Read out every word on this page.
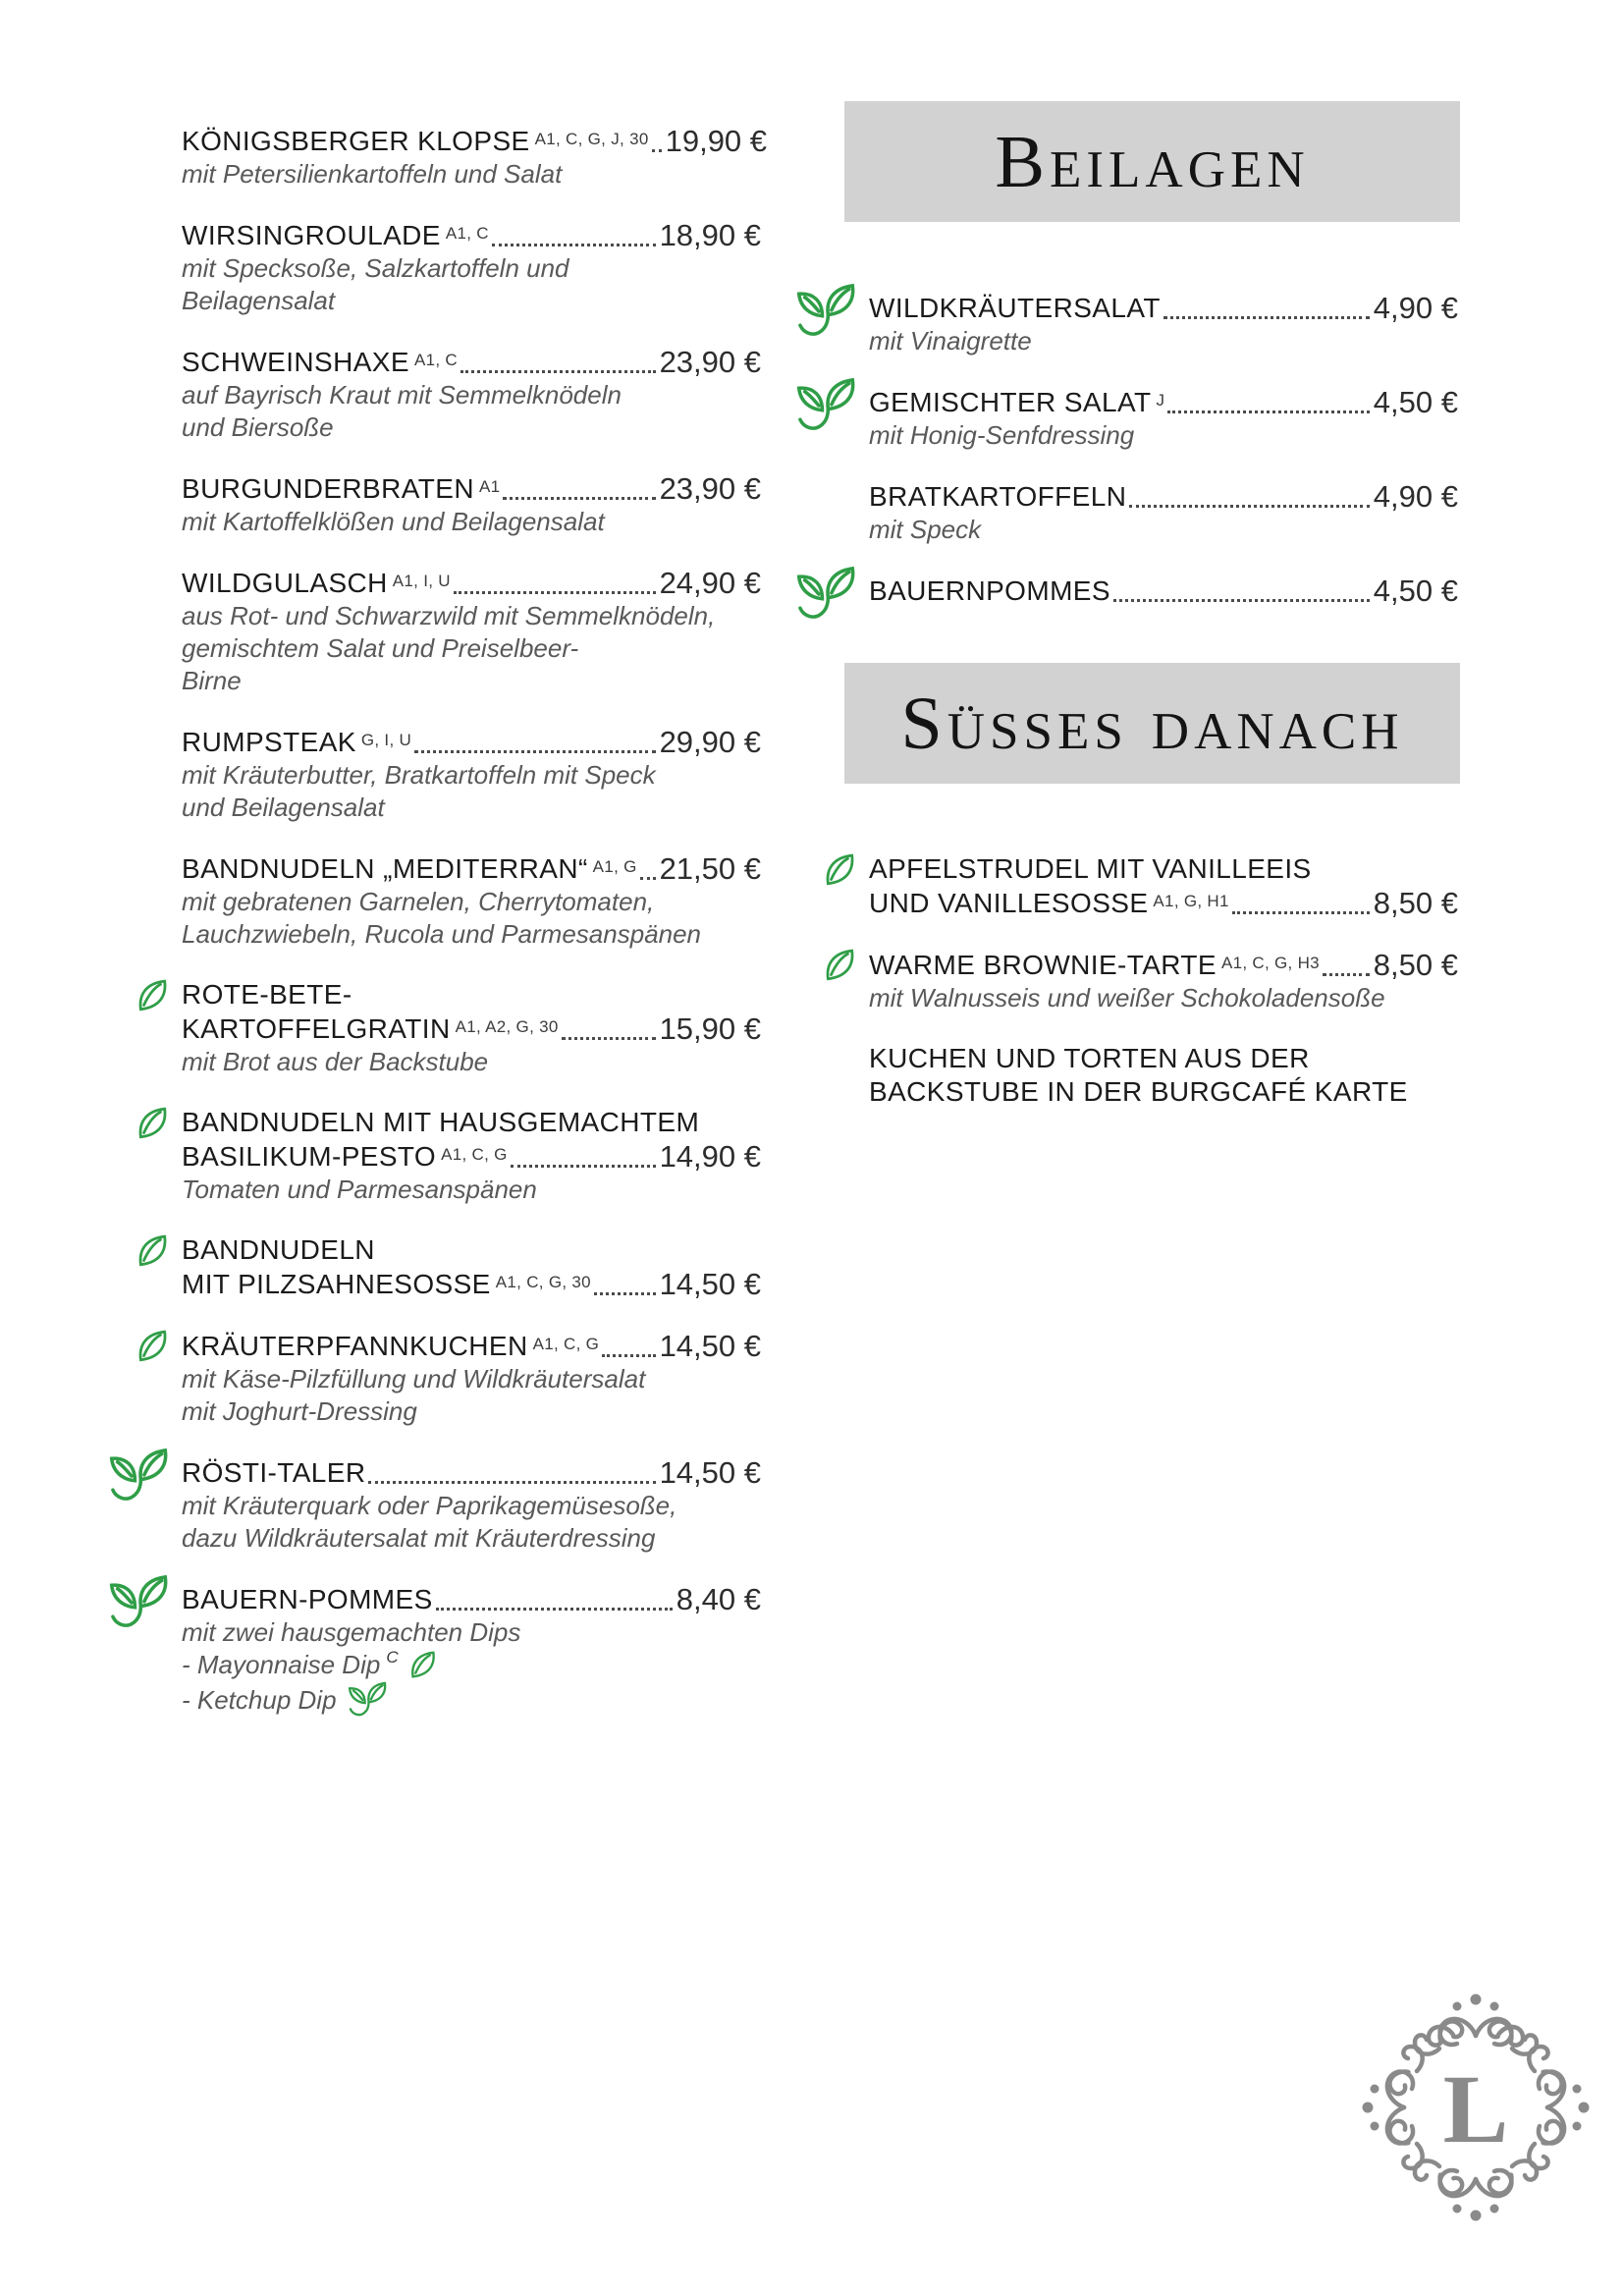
KÖNIGSBERGER KLOPSE A1, C, G, J, 30 19,90 €
mit Petersilienkartoffeln und Salat
WIRSINGROULADE A1, C	18,90 €
mit Specksoße, Salzkartoffeln und
Beilagensalat
SCHWEINSHAXE A1, C	23,90 €
auf Bayrisch Kraut mit Semmelknödeln
und Biersoße
BURGUNDERBRATEN A1	23,90 €
mit Kartoffelklößen und Beilagensalat
WILDGULASCH A1, I, U	24,90 €
aus Rot- und Schwarzwild mit Semmelknödeln,
gemischtem Salat und Preiselbeer-
Birne
RUMPSTEAK G, I, U	29,90 €
mit Kräuterbutter, Bratkartoffeln mit Speck
und Beilagensalat
BANDNUDELN „MEDITERRAN“ A1, G 21,50 €
mit gebratenen Garnelen, Cherrytomaten,
Lauchzwiebeln, Rucola und Parmesanspänen
ROTE-BETE-
KARTOFFELGRATIN A1, A2, G, 30	15,90 €
mit Brot aus der Backstube
BANDNUDELN MIT HAUSGEMACHTEM
BASILIKUM-PESTO A1, C, G	14,90 €
Tomaten und Parmesanspänen
BANDNUDELN
MIT PILZSAHNESOSSE A1, C, G, 30 14,50 €
KRÄUTERPFANNKUCHEN A1, C, G 14,50 €
mit Käse-Pilzfüllung und Wildkräutersalat
mit Joghurt-Dressing
RÖSTI-TALER	14,50 €
mit Kräuterquark oder Paprikagemüsesoße,
dazu Wildkräutersalat mit Kräuterdressing
BAUERN-POMMES	8,40 €
mit zwei hausgemachten Dips
- Mayonnaise Dip C
- Ketchup Dip
Beilagen
WILDKRÄUTERSALAT	4,90 €
mit Vinaigrette
GEMISCHTER SALAT J	4,50 €
mit Honig-Senfdressing
BRATKARTOFFELN	4,90 €
mit Speck
BAUERNPOMMES	4,50 €
Süsses danach
APFELSTRUDEL MIT VANILLEEIS
UND VANILLESOSSE A1, G, H1	8,50 €
WARME BROWNIE-TARTE A1, C, G, H3 8,50 €
mit Walnusseis und weißer Schokoladensoße
KUCHEN UND TORTEN AUS DER
BACKSTUBE IN DER BURGCAFÉ KARTE
L
